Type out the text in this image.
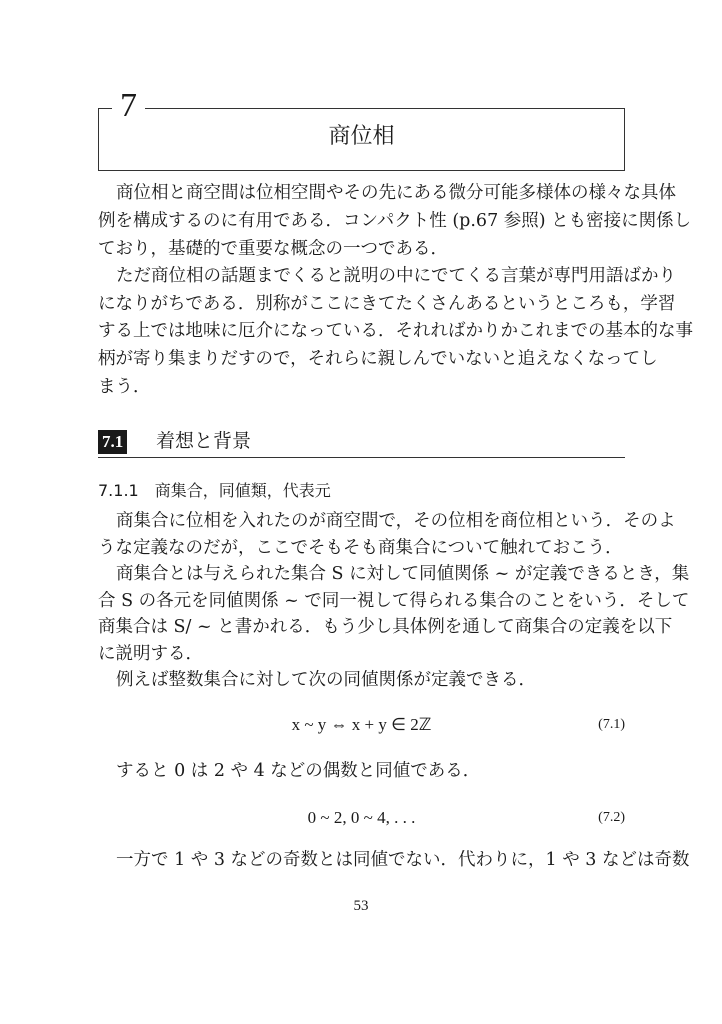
7
商位相
商位相と商空間は位相空間やその先にある微分可能多様体の様々な具体
例を構成するのに有用である．コンパクト性 (p.67 参照) とも密接に関係し
ており，基礎的で重要な概念の一つである．
ただ商位相の話題までくると説明の中にでてくる言葉が専門用語ばかり
になりがちである．別称がここにきてたくさんあるというところも，学習
する上では地味に厄介になっている．それればかりかこれまでの基本的な事
柄が寄り集まりだすので，それらに親しんでいないと追えなくなってし
まう．
7.1 着想と背景
7.1.1 商集合，同値類，代表元
商集合に位相を入れたのが商空間で，その位相を商位相という．そのよ
うな定義なのだが，ここでそもそも商集合について触れておこう．
商集合とは与えられた集合 S に対して同値関係 ~ が定義できるとき，集
合 S の各元を同値関係 ~ で同一視して得られる集合のことをいう．そして
商集合は S/ ~ と書かれる．もう少し具体例を通して商集合の定義を以下
に説明する．
例えば整数集合に対して次の同値関係が定義できる．
x ~ y ⇔ x + y ∈ 2ℤ	(7.1)
すると 0 は 2 や 4 などの偶数と同値である．
0 ~ 2, 0 ~ 4, . . .	(7.2)
一方で 1 や 3 などの奇数とは同値でない．代わりに，1 や 3 などは奇数
53
